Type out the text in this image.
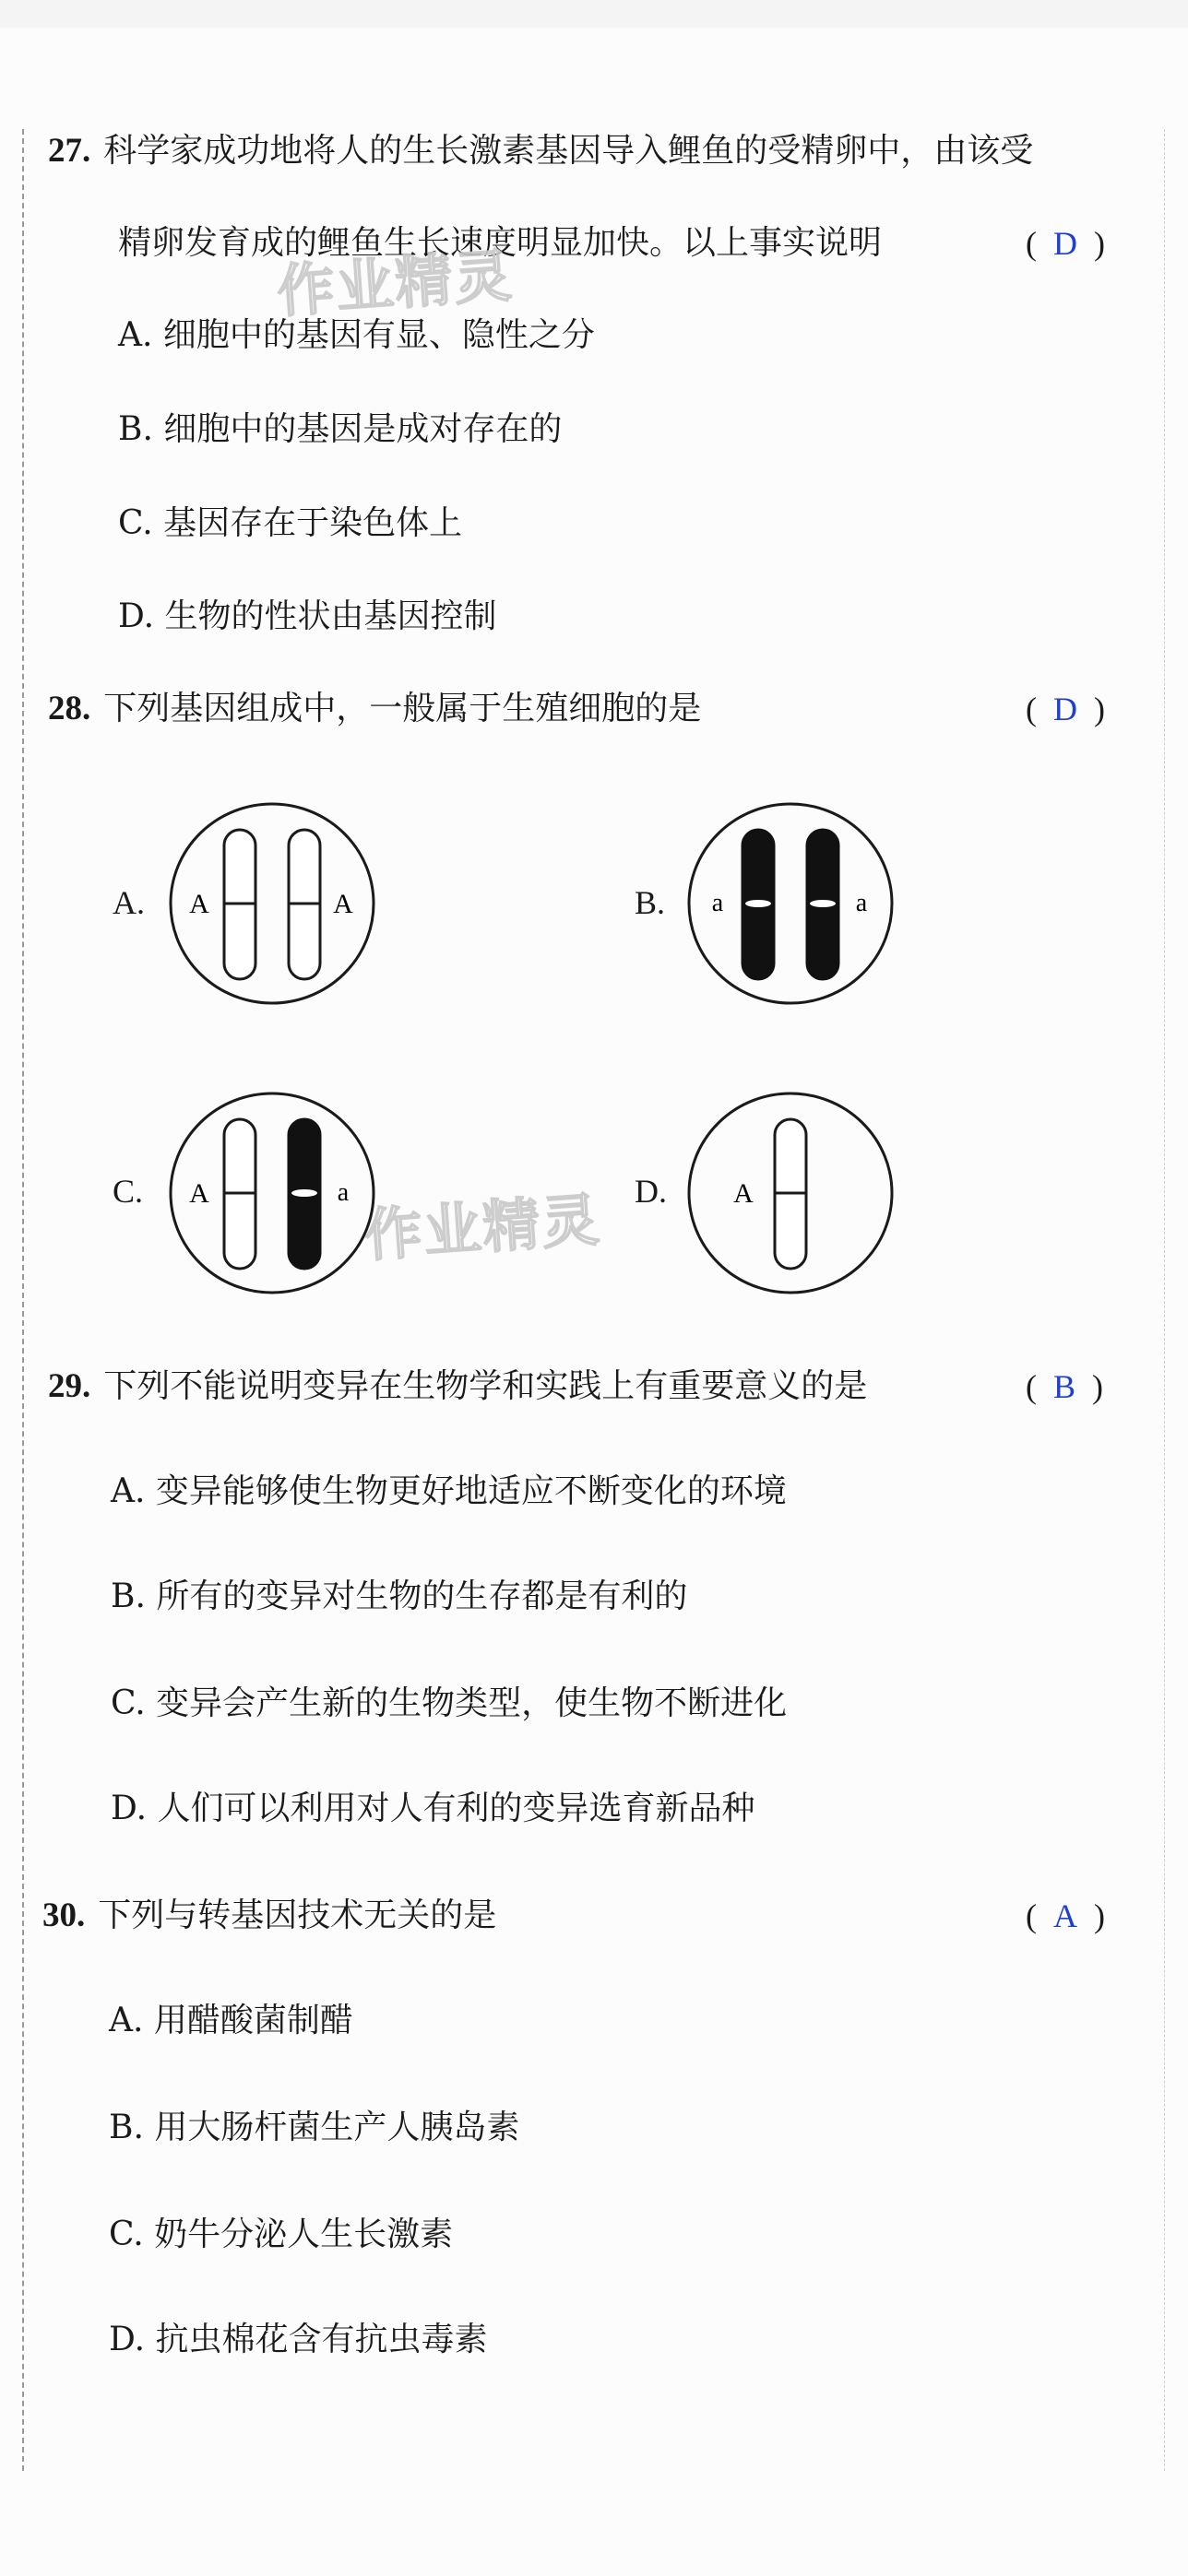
27. 科学家成功地将人的生长激素基因导入鲤鱼的受精卵中，由该受
精卵发育成的鲤鱼生长速度明显加快。以上事实说明	( D )
A. 细胞中的基因有显、隐性之分
B. 细胞中的基因是成对存在的
C. 基因存在于染色体上
D. 生物的性状由基因控制
28. 下列基因组成中，一般属于生殖细胞的是	( D )
A. A	A	B. a	a
C. A	a	D. A
29. 下列不能说明变异在生物学和实践上有重要意义的是	( B )
A. 变异能够使生物更好地适应不断变化的环境
B. 所有的变异对生物的生存都是有利的
C. 变异会产生新的生物类型，使生物不断进化
D. 人们可以利用对人有利的变异选育新品种
30. 下列与转基因技术无关的是	( A )
A. 用醋酸菌制醋
B. 用大肠杆菌生产人胰岛素
C. 奶牛分泌人生长激素
D. 抗虫棉花含有抗虫毒素
作业精灵
作业精灵
